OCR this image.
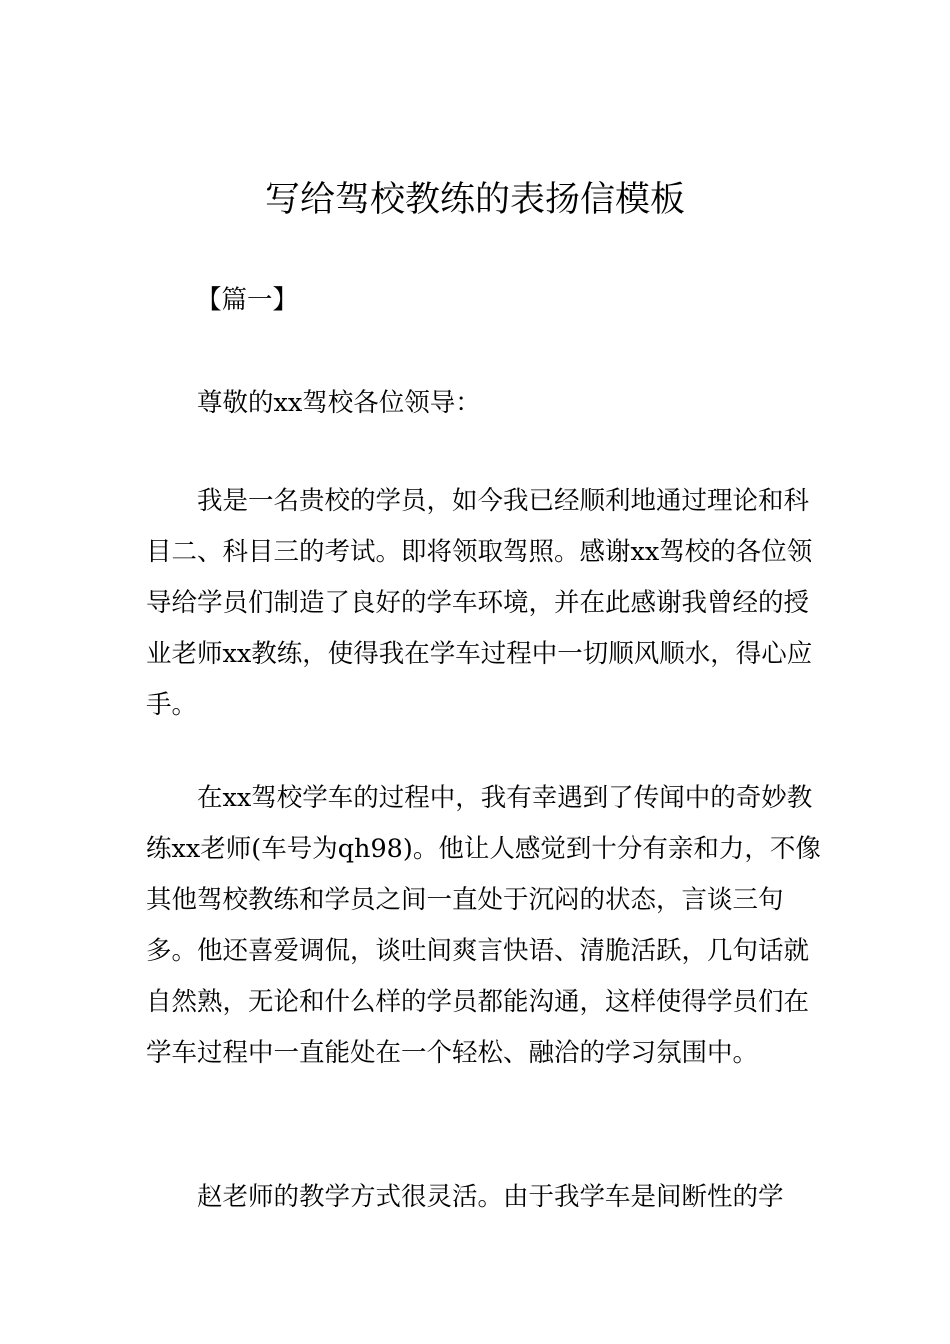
写给驾校教练的表扬信模板

【篇一】

尊敬的xx驾校各位领导：

我是一名贵校的学员，如今我已经顺利地通过理论和科目二、科目三的考试。即将领取驾照。感谢xx驾校的各位领导给学员们制造了良好的学车环境，并在此感谢我曾经的授业老师xx教练，使得我在学车过程中一切顺风顺水，得心应手。

在xx驾校学车的过程中，我有幸遇到了传闻中的奇妙教练xx老师(车号为qh98)。他让人感觉到十分有亲和力，不像其他驾校教练和学员之间一直处于沉闷的状态，言谈三句多。他还喜爱调侃，谈吐间爽言快语、清脆活跃，几句话就自然熟，无论和什么样的学员都能沟通，这样使得学员们在学车过程中一直能处在一个轻松、融洽的学习氛围中。

赵老师的教学方式很灵活。由于我学车是间断性的学
